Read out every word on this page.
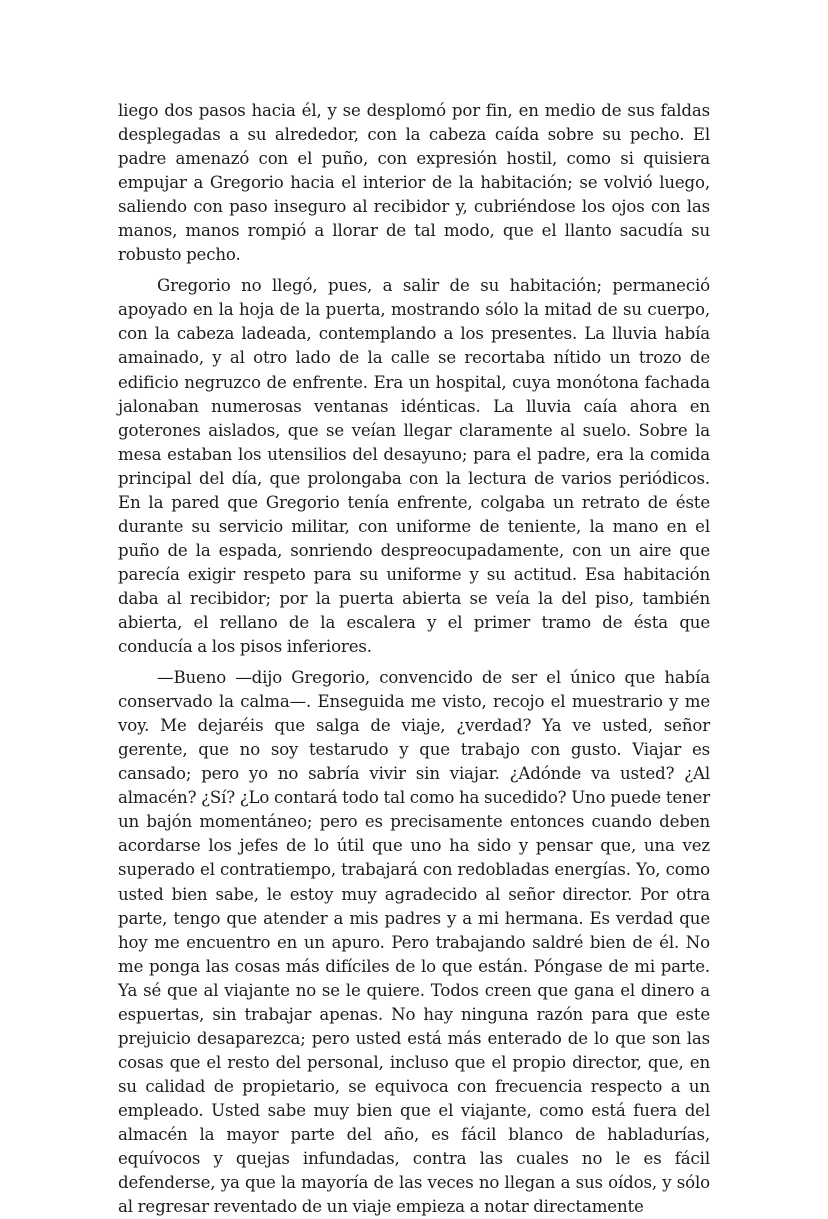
liego dos pasos hacia él, y se desplomó por fin, en medio de sus faldas desplegadas a su alrededor, con la cabeza caída sobre su pecho. El padre amenazó con el puño, con expresión hostil, como si quisiera empujar a Gregorio hacia el interior de la habitación; se volvió luego, saliendo con paso inseguro al recibidor y, cubriéndose los ojos con las manos, manos rompió a llorar de tal modo, que el llanto sacudía su robusto pecho.

Gregorio no llegó, pues, a salir de su habitación; permaneció apoyado en la hoja de la puerta, mostrando sólo la mitad de su cuerpo, con la cabeza ladeada, contemplando a los presentes. La lluvia había amainado, y al otro lado de la calle se recortaba nítido un trozo de edificio negruzco de enfrente. Era un hospital, cuya monótona fachada jalonaban numerosas ventanas idénticas. La lluvia caía ahora en goterones aislados, que se veían llegar claramente al suelo. Sobre la mesa estaban los utensilios del desayuno; para el padre, era la comida principal del día, que prolongaba con la lectura de varios periódicos. En la pared que Gregorio tenía enfrente, colgaba un retrato de éste durante su servicio militar, con uniforme de teniente, la mano en el puño de la espada, sonriendo despreocupadamente, con un aire que parecía exigir respeto para su uniforme y su actitud. Esa habitación daba al recibidor; por la puerta abierta se veía la del piso, también abierta, el rellano de la escalera y el primer tramo de ésta que conducía a los pisos inferiores.

—Bueno —dijo Gregorio, convencido de ser el único que había conservado la calma—. Enseguida me visto, recojo el muestrario y me voy. Me dejaréis que salga de viaje, ¿verdad? Ya ve usted, señor gerente, que no soy testarudo y que trabajo con gusto. Viajar es cansado; pero yo no sabría vivir sin viajar. ¿Adónde va usted? ¿Al almacén? ¿Sí? ¿Lo contará todo tal como ha sucedido? Uno puede tener un bajón momentáneo; pero es precisamente entonces cuando deben acordarse los jefes de lo útil que uno ha sido y pensar que, una vez superado el contratiempo, trabajará con redobladas energías. Yo, como usted bien sabe, le estoy muy agradecido al señor director. Por otra parte, tengo que atender a mis padres y a mi hermana. Es verdad que hoy me encuentro en un apuro. Pero trabajando saldré bien de él. No me ponga las cosas más difíciles de lo que están. Póngase de mi parte. Ya sé que al viajante no se le quiere. Todos creen que gana el dinero a espuertas, sin trabajar apenas. No hay ninguna razón para que este prejuicio desaparezca; pero usted está más enterado de lo que son las cosas que el resto del personal, incluso que el propio director, que, en su calidad de propietario, se equivoca con frecuencia respecto a un empleado. Usted sabe muy bien que el viajante, como está fuera del almacén la mayor parte del año, es fácil blanco de habladurías, equívocos y quejas infundadas, contra las cuales no le es fácil defenderse, ya que la mayoría de las veces no llegan a sus oídos, y sólo al regresar reventado de un viaje empieza a notar directamente
